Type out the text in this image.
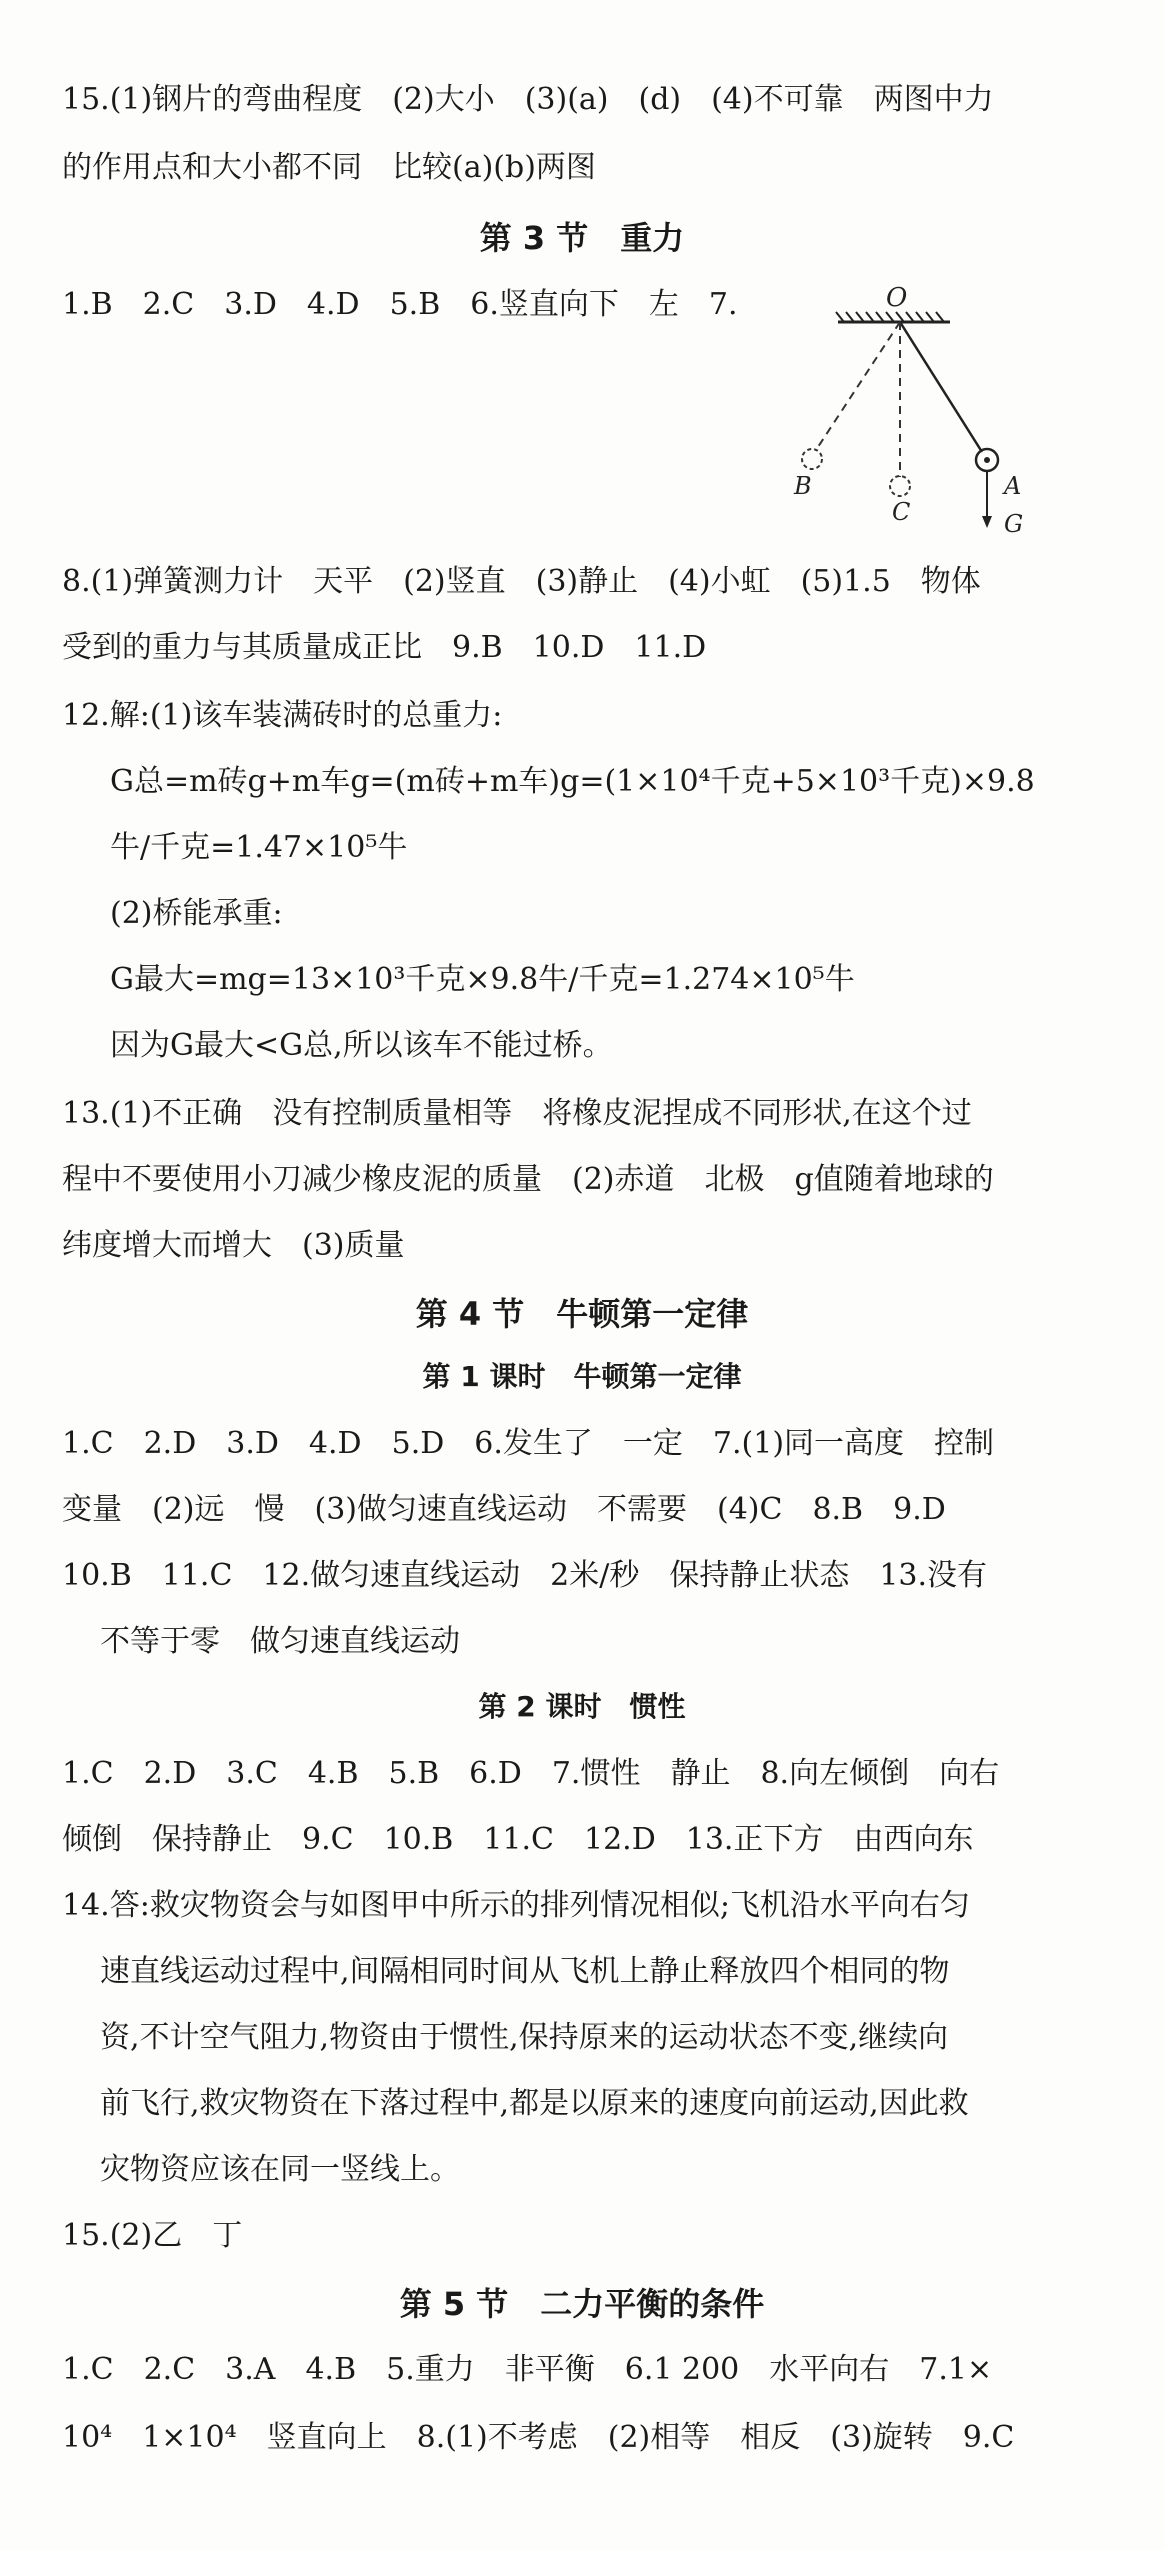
15.(1)钢片的弯曲程度　(2)大小　(3)(a)　(d)　(4)不可靠　两图中力
的作用点和大小都不同　比较(a)(b)两图
第 3 节　重力
1.B　2.C　3.D　4.D　5.B　6.竖直向下　左　7.	O
A
G
B
C
8.(1)弹簧测力计　天平　(2)竖直　(3)静止　(4)小虹　(5)1.5　物体
受到的重力与其质量成正比　9.B　10.D　11.D
12.解:(1)该车装满砖时的总重力:
G总=m砖g+m车g=(m砖+m车)g=(1×10⁴千克+5×10³千克)×9.8
牛/千克=1.47×10⁵牛
(2)桥能承重:
G最大=mg=13×10³千克×9.8牛/千克=1.274×10⁵牛
因为G最大<G总,所以该车不能过桥。
13.(1)不正确　没有控制质量相等　将橡皮泥捏成不同形状,在这个过
程中不要使用小刀减少橡皮泥的质量　(2)赤道　北极　g值随着地球的
纬度增大而增大　(3)质量
第 4 节　牛顿第一定律
第 1 课时　牛顿第一定律
1.C　2.D　3.D　4.D　5.D　6.发生了　一定　7.(1)同一高度　控制
变量　(2)远　慢　(3)做匀速直线运动　不需要　(4)C　8.B　9.D
10.B　11.C　12.做匀速直线运动　2米/秒　保持静止状态　13.没有
不等于零　做匀速直线运动
第 2 课时　惯性
1.C　2.D　3.C　4.B　5.B　6.D　7.惯性　静止　8.向左倾倒　向右
倾倒　保持静止　9.C　10.B　11.C　12.D　13.正下方　由西向东
14.答:救灾物资会与如图甲中所示的排列情况相似;飞机沿水平向右匀
速直线运动过程中,间隔相同时间从飞机上静止释放四个相同的物
资,不计空气阻力,物资由于惯性,保持原来的运动状态不变,继续向
前飞行,救灾物资在下落过程中,都是以原来的速度向前运动,因此救
灾物资应该在同一竖线上。
15.(2)乙　丁
第 5 节　二力平衡的条件
1.C　2.C　3.A　4.B　5.重力　非平衡　6.1 200　水平向右　7.1×
10⁴　1×10⁴　竖直向上　8.(1)不考虑　(2)相等　相反　(3)旋转　9.C
